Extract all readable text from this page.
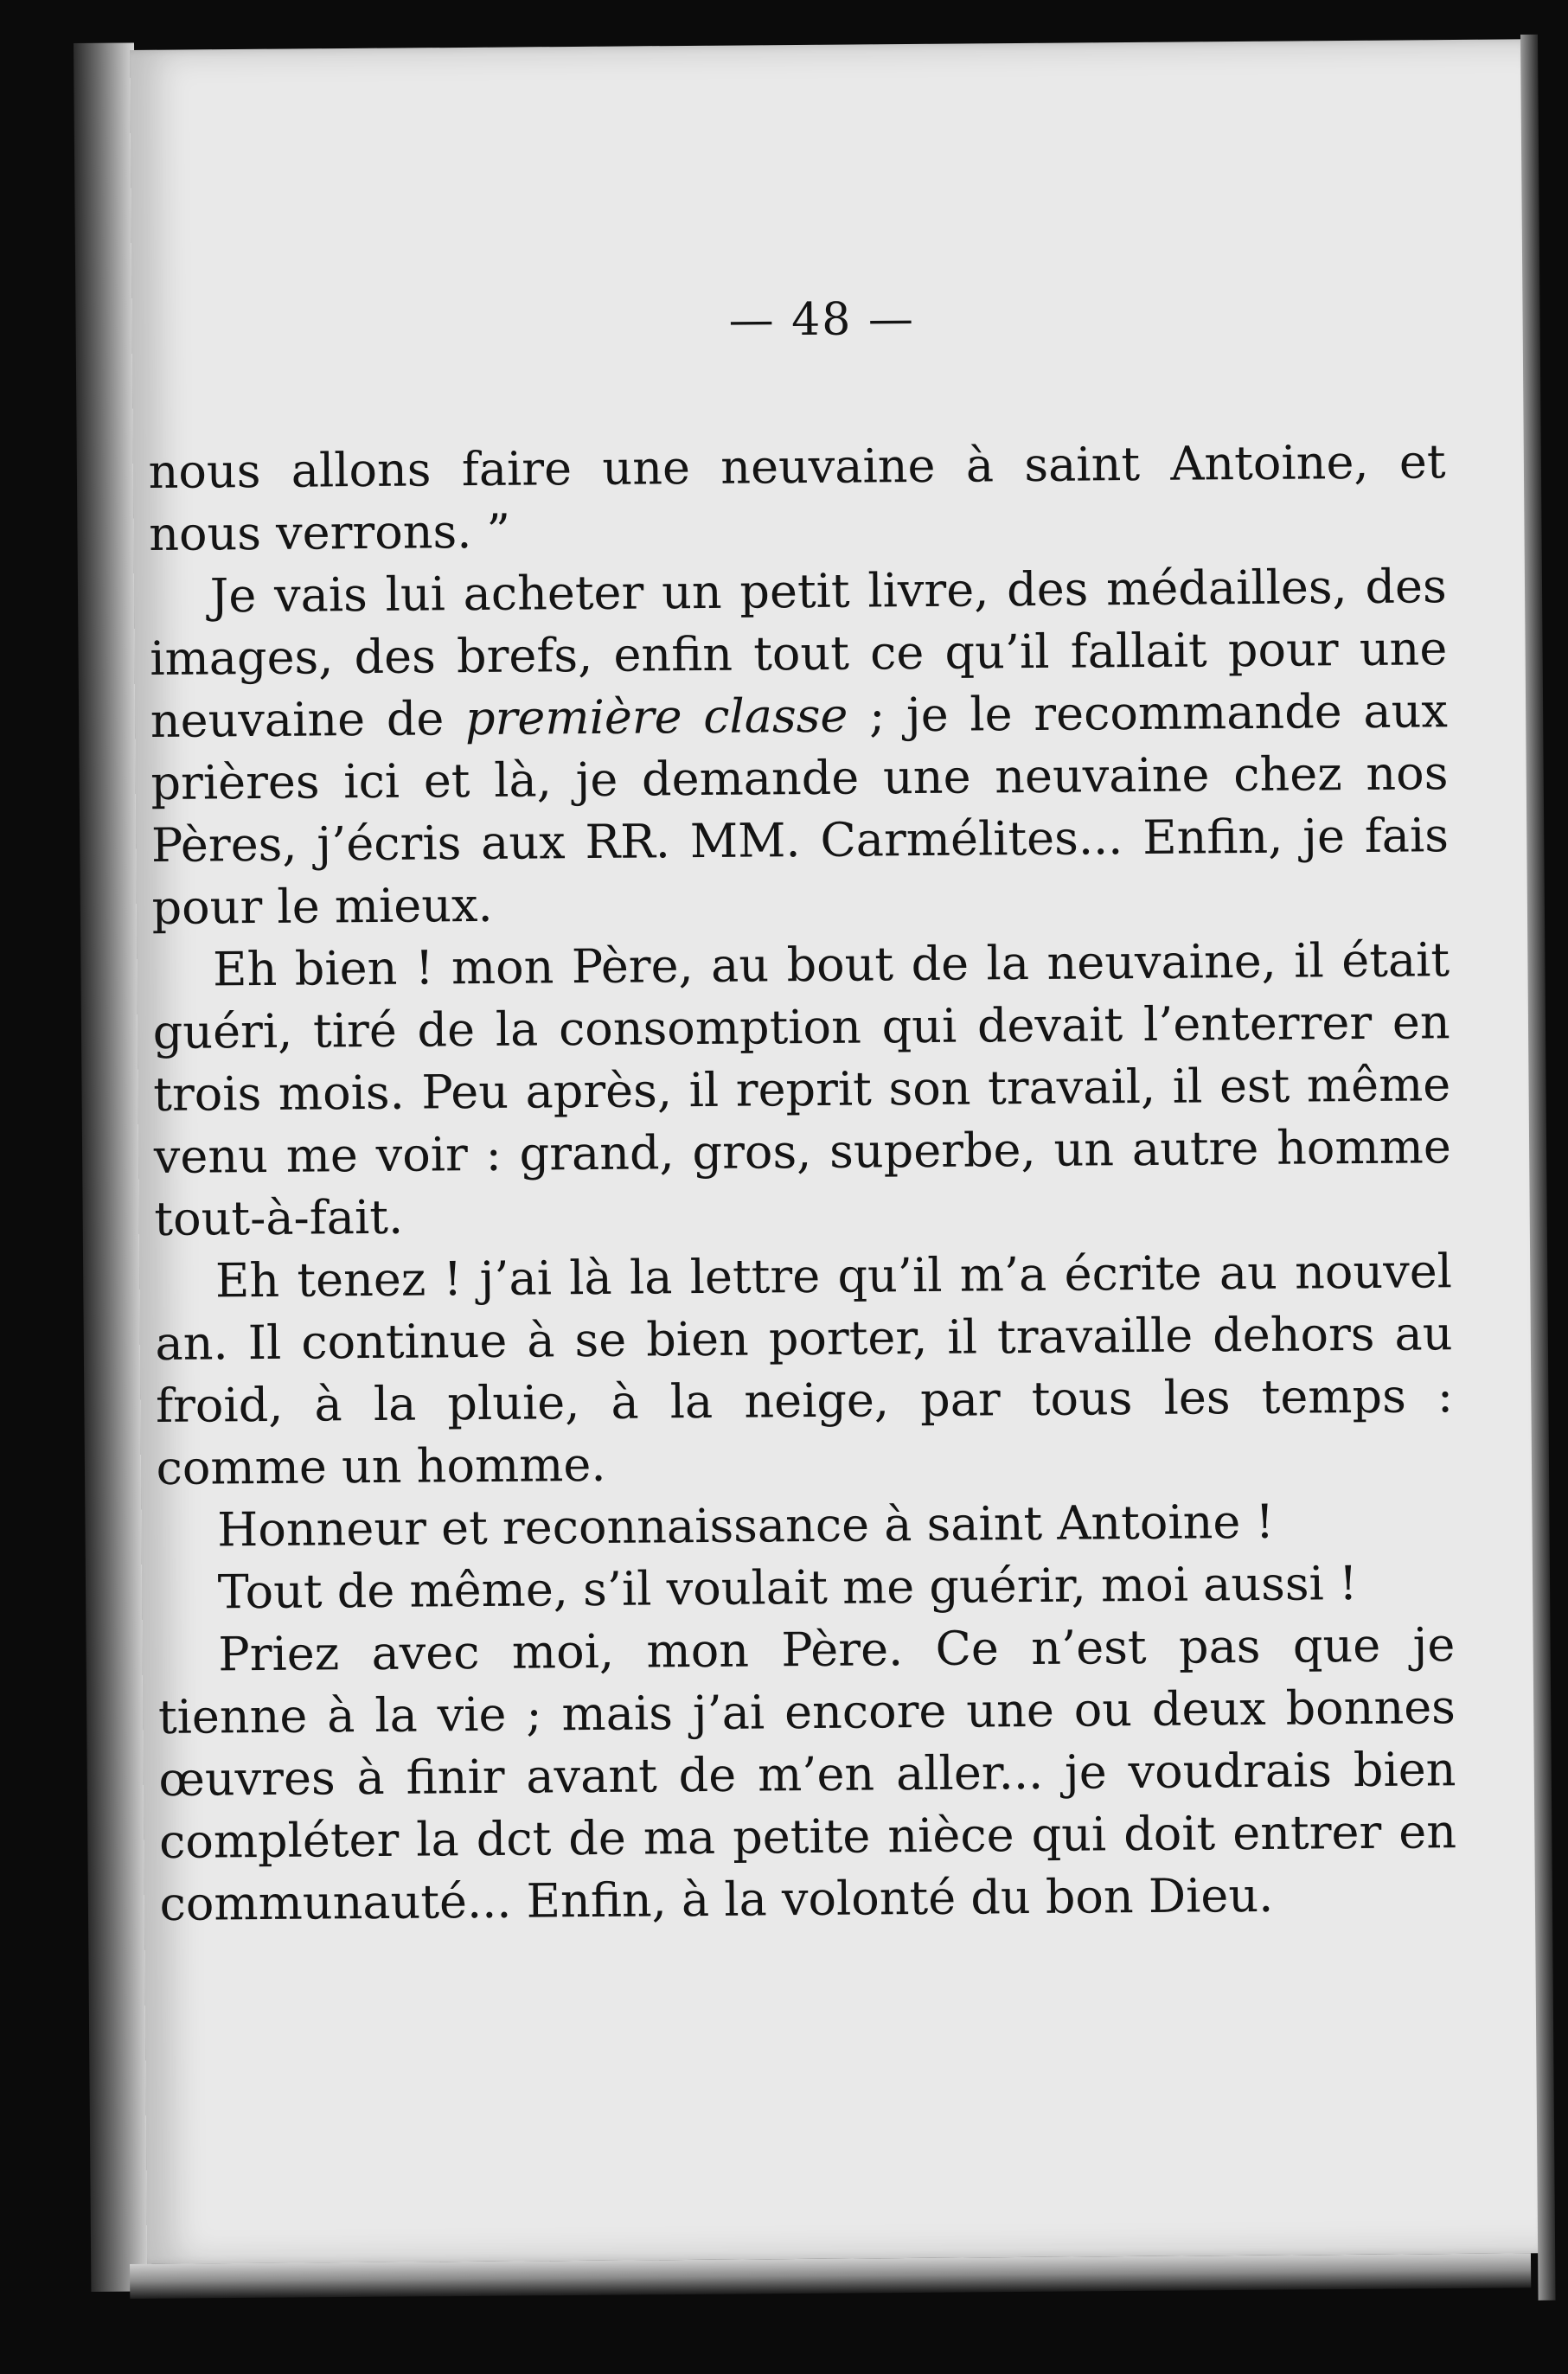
— 48 —

nous allons faire une neuvaine à saint Antoine, et nous verrons. ”

Je vais lui acheter un petit livre, des médailles, des images, des brefs, enfin tout ce qu’il fallait pour une neuvaine de première classe ; je le recommande aux prières ici et là, je demande une neuvaine chez nos Pères, j’écris aux RR. MM. Carmélites... Enfin, je fais pour le mieux.

Eh bien ! mon Père, au bout de la neuvaine, il était guéri, tiré de la consomption qui devait l’enterrer en trois mois. Peu après, il reprit son travail, il est même venu me voir : grand, gros, superbe, un autre homme tout-à-fait.

Eh tenez ! j’ai là la lettre qu’il m’a écrite au nouvel an. Il continue à se bien porter, il travaille dehors au froid, à la pluie, à la neige, par tous les temps : comme un homme.

Honneur et reconnaissance à saint Antoine !

Tout de même, s’il voulait me guérir, moi aussi !

Priez avec moi, mon Père. Ce n’est pas que je tienne à la vie ; mais j’ai encore une ou deux bonnes œuvres à finir avant de m’en aller... je voudrais bien compléter la dct de ma petite nièce qui doit entrer en communauté... Enfin, à la volonté du bon Dieu.
